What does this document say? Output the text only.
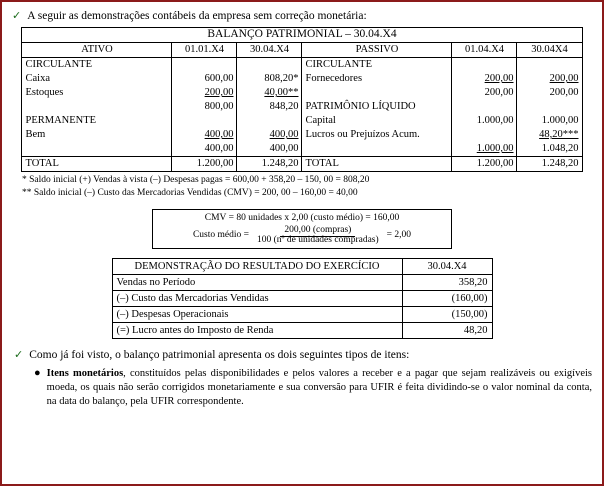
✓ A seguir as demonstrações contábeis da empresa sem correção monetária:
BALANÇO PATRIMONIAL – 30.04.X4					
ATIVO	01.01.X4	30.04.X4	PASSIVO	01.04.X4	30.04X4
CIRCULANTE			CIRCULANTE		
Caixa	600,00	808,20*	Fornecedores	200,00	200,00
Estoques	200,00	40,00**		200,00	200,00
	800,00	848,20	PATRIMÔNIO LÍQUIDO		
PERMANENTE			Capital	1.000,00	1.000,00
Bem	400,00	400,00	Lucros ou Prejuízos Acum.		48,20***
	400,00	400,00		1.000,00	1.048,20
TOTAL	1.200,00	1.248,20	TOTAL	1.200,00	1.248,20
* Saldo inicial (+) Vendas à vista (–) Despesas pagas = 600,00 + 358,20 – 150, 00 = 808,20
** Saldo inicial (–) Custo das Mercadorias Vendidas (CMV) = 200, 00 – 160,00 = 40,00
CMV = 80 unidades x 2,00 (custo médio) = 160,00
Custo médio =	200,00 (compras)
100 (nº de unidades compradas) = 2,00
DEMONSTRAÇÃO DO RESULTADO DO EXERCÍCIO	30.04.X4
Vendas no Período	358,20
(–) Custo das Mercadorias Vendidas	(160,00)
(–) Despesas Operacionais	(150,00)
(=) Lucro antes do Imposto de Renda	48,20
✓ Como já foi visto, o balanço patrimonial apresenta os dois seguintes tipos de itens:
● Itens monetários, constituídos pelas disponibilidades e pelos valores a receber e a pagar que sejam realizáveis ou exigíveis moeda, os quais não serão corrigidos monetariamente e sua conversão para UFIR é feita dividindo-se o valor nominal da conta, na data do balanço, pela UFIR correspondente.
